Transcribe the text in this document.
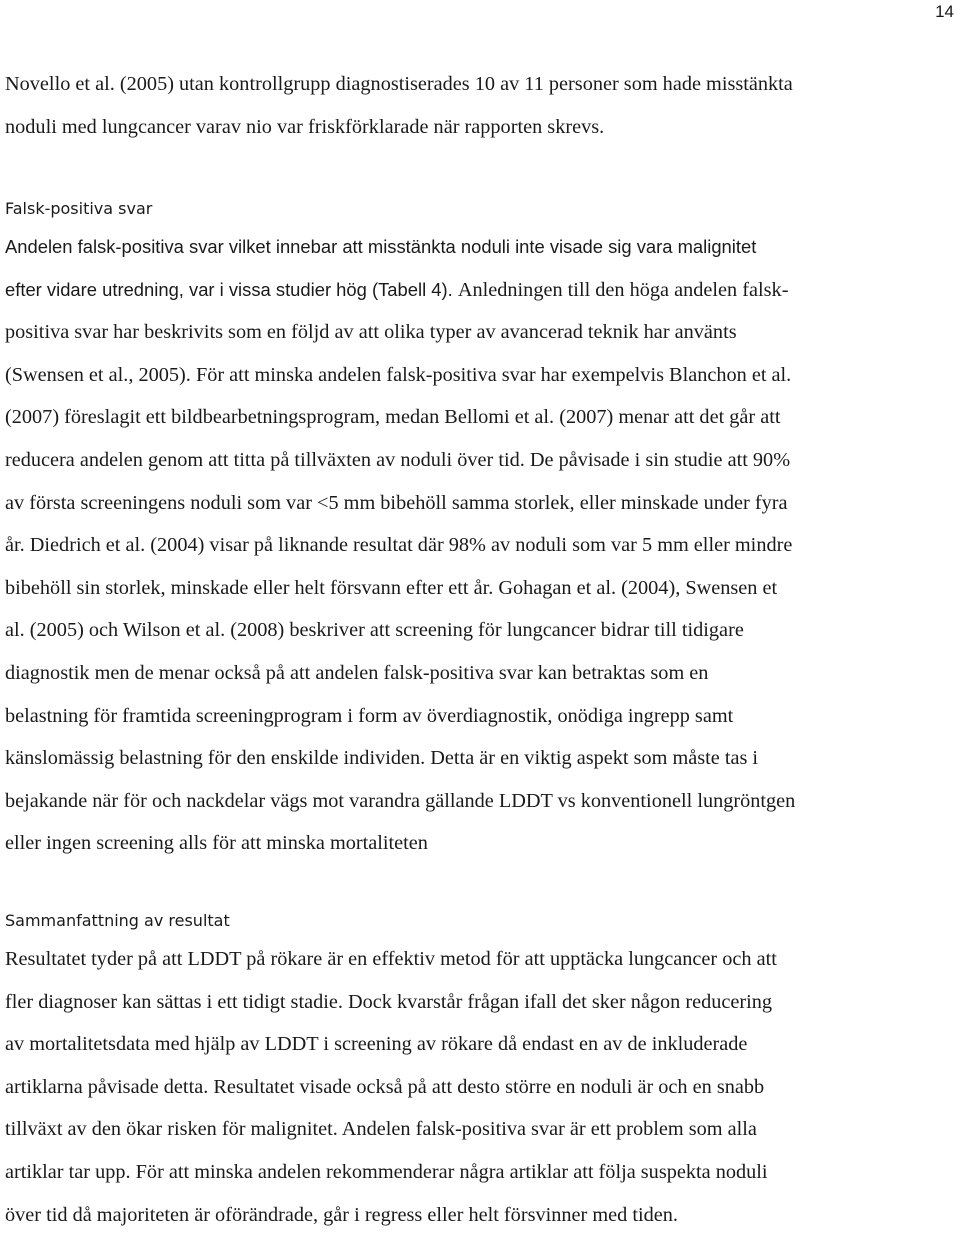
14
Novello et al. (2005) utan kontrollgrupp diagnostiserades 10 av 11 personer som hade misstänkta
noduli med lungcancer varav nio var friskförklarade när rapporten skrevs.
Falsk-positiva svar
Andelen falsk-positiva svar vilket innebar att misstänkta noduli inte visade sig vara malignitet
efter vidare utredning, var i vissa studier hög (Tabell 4). Anledningen till den höga andelen falsk-
positiva svar har beskrivits som en följd av att olika typer av avancerad teknik har använts
(Swensen et al., 2005). För att minska andelen falsk-positiva svar har exempelvis Blanchon et al.
(2007) föreslagit ett bildbearbetningsprogram, medan Bellomi et al. (2007) menar att det går att
reducera andelen genom att titta på tillväxten av noduli över tid. De påvisade i sin studie att 90%
av första screeningens noduli som var <5 mm bibehöll samma storlek, eller minskade under fyra
år. Diedrich et al. (2004) visar på liknande resultat där 98% av noduli som var 5 mm eller mindre
bibehöll sin storlek, minskade eller helt försvann efter ett år. Gohagan et al. (2004), Swensen et
al. (2005) och Wilson et al. (2008) beskriver att screening för lungcancer bidrar till tidigare
diagnostik men de menar också på att andelen falsk-positiva svar kan betraktas som en
belastning för framtida screeningprogram i form av överdiagnostik, onödiga ingrepp samt
känslomässig belastning för den enskilde individen. Detta är en viktig aspekt som måste tas i
bejakande när för och nackdelar vägs mot varandra gällande LDDT vs konventionell lungröntgen
eller ingen screening alls för att minska mortaliteten
Sammanfattning av resultat
Resultatet tyder på att LDDT på rökare är en effektiv metod för att upptäcka lungcancer och att
fler diagnoser kan sättas i ett tidigt stadie. Dock kvarstår frågan ifall det sker någon reducering
av mortalitetsdata med hjälp av LDDT i screening av rökare då endast en av de inkluderade
artiklarna påvisade detta. Resultatet visade också på att desto större en noduli är och en snabb
tillväxt av den ökar risken för malignitet. Andelen falsk-positiva svar är ett problem som alla
artiklar tar upp. För att minska andelen rekommenderar några artiklar att följa suspekta noduli
över tid då majoriteten är oförändrade, går i regress eller helt försvinner med tiden.
